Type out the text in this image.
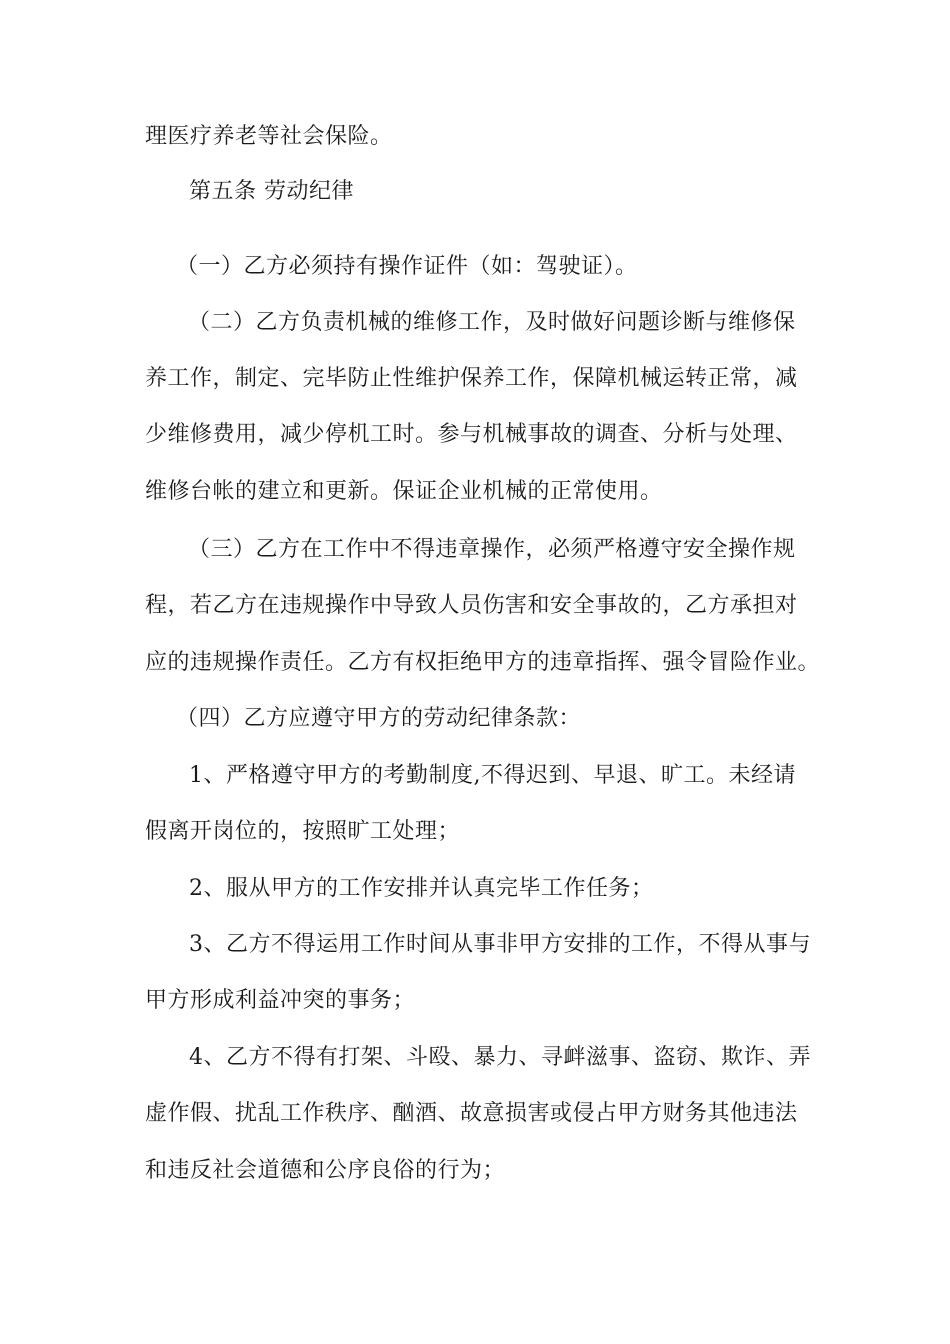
理医疗养老等社会保险。
第五条 劳动纪律
（一）乙方必须持有操作证件（如：驾驶证）。
（二）乙方负责机械的维修工作，及时做好问题诊断与维修保
养工作，制定、完毕防止性维护保养工作，保障机械运转正常，减
少维修费用，减少停机工时。参与机械事故的调查、分析与处理、
维修台帐的建立和更新。保证企业机械的正常使用。
（三）乙方在工作中不得违章操作，必须严格遵守安全操作规
程，若乙方在违规操作中导致人员伤害和安全事故的，乙方承担对
应的违规操作责任。乙方有权拒绝甲方的违章指挥、强令冒险作业。
（四）乙方应遵守甲方的劳动纪律条款：
1、严格遵守甲方的考勤制度,不得迟到、早退、旷工。未经请
假离开岗位的，按照旷工处理；
2、服从甲方的工作安排并认真完毕工作任务；
3、乙方不得运用工作时间从事非甲方安排的工作，不得从事与
甲方形成利益冲突的事务；
4、乙方不得有打架、斗殴、暴力、寻衅滋事、盗窃、欺诈、弄
虚作假、扰乱工作秩序、酗酒、故意损害或侵占甲方财务其他违法
和违反社会道德和公序良俗的行为；
